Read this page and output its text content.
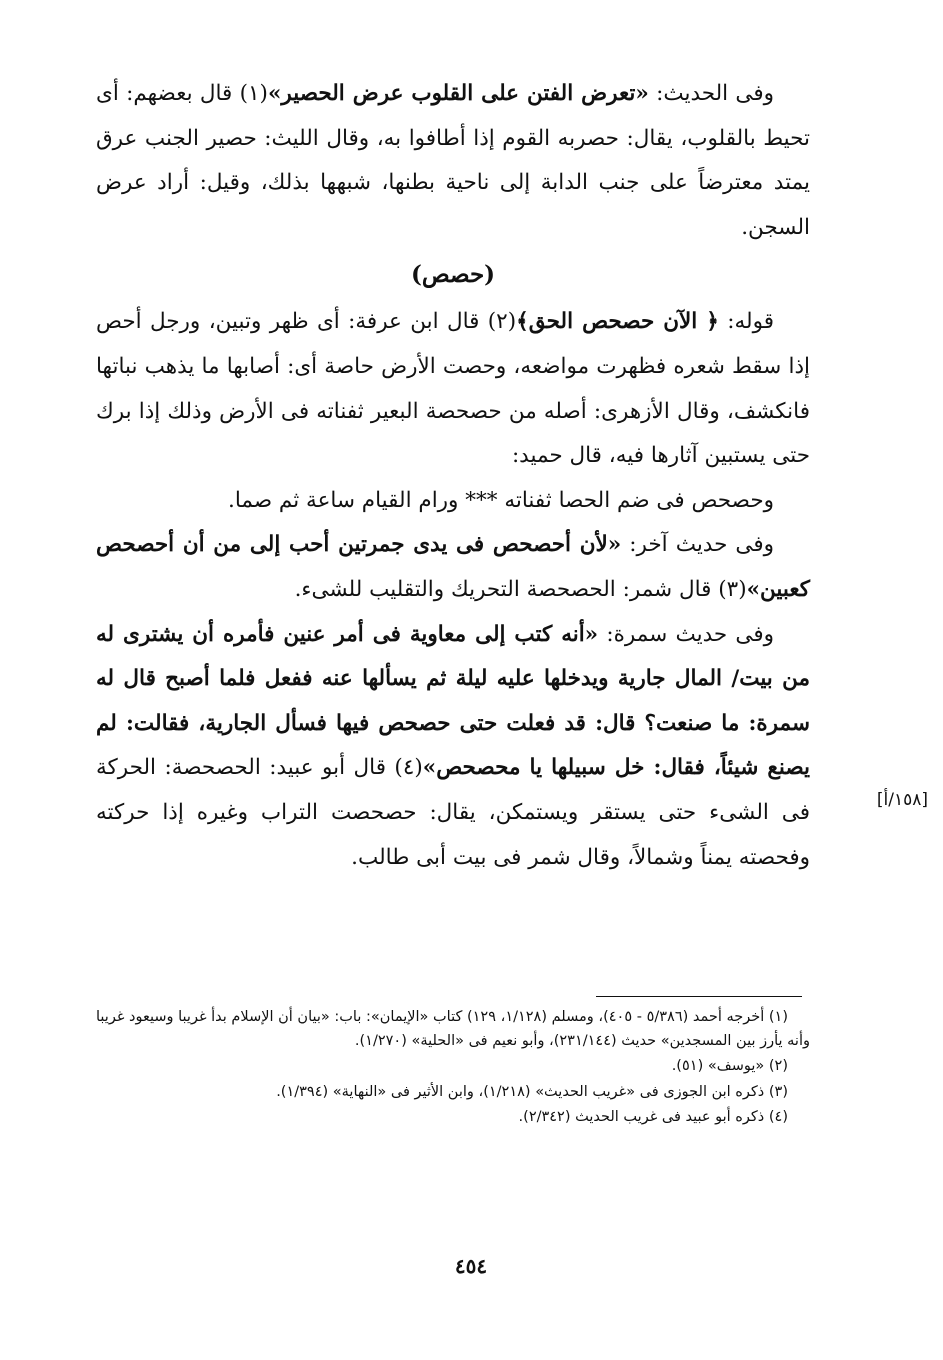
وفى الحديث: «تعرض الفتن على القلوب عرض الحصير»(١) قال بعضهم: أى تحيط بالقلوب، يقال: حصربه القوم إذا أطافوا به، وقال الليث: حصير الجنب عرق يمتد معترضاً على جنب الدابة إلى ناحية بطنها، شبهها بذلك، وقيل: أراد عرض السجن.

(حصص)

قوله: ﴿ الآن حصحص الحق﴾(٢) قال ابن عرفة: أى ظهر وتبين، ورجل أحص إذا سقط شعره فظهرت مواضعه، وحصت الأرض حاصة أى: أصابها ما يذهب نباتها فانكشف، وقال الأزهرى: أصله من حصحصة البعير ثفناته فى الأرض وذلك إذا برك حتى يستبين آثارها فيه، قال حميد:

وحصحص فى ضم الحصا ثفناته *** ورام القيام ساعة ثم صما.

وفى حديث آخر: «لأن أحصحص فى يدى جمرتين أحب إلى من أن أحصحص كعبين»(٣) قال شمر: الحصحصة التحريك والتقليب للشىء.

وفى حديث سمرة: «أنه كتب إلى معاوية فى أمر عنين فأمره أن يشترى له من بيت/ المال جارية ويدخلها عليه ليلة ثم يسألها عنه ففعل فلما أصبح قال له سمرة: ما صنعت؟ قال: قد فعلت حتى حصحص فيها فسأل الجارية، فقالت: لم يصنع شيئاً، فقال: خل سبيلها يا محصحص»(٤) قال أبو عبيد: الحصحصة: الحركة فى الشىء حتى يستقر ويستمكن، يقال: حصحصت التراب وغيره إذا حركته وفحصته يمناً وشمالاً، وقال شمر فى بيت أبى طالب.

[١٥٨/أ]

(١) أخرجه أحمد (٥/٣٨٦ - ٤٠٥)، ومسلم (١/١٢٨، ١٢٩) كتاب «الإيمان»: باب: «بيان أن الإسلام بدأ غريبا وسيعود غريبا وأنه يأرز بين المسجدين» حديث (٢٣١/١٤٤)، وأبو نعيم فى «الحلية» (١/٢٧٠).

(٢) «يوسف» (٥١).

(٣) ذكره ابن الجوزى فى «غريب الحديث» (١/٢١٨)، وابن الأثير فى «النهاية» (١/٣٩٤).

(٤) ذكره أبو عبيد فى غريب الحديث (٢/٣٤٢).

٤٥٤
